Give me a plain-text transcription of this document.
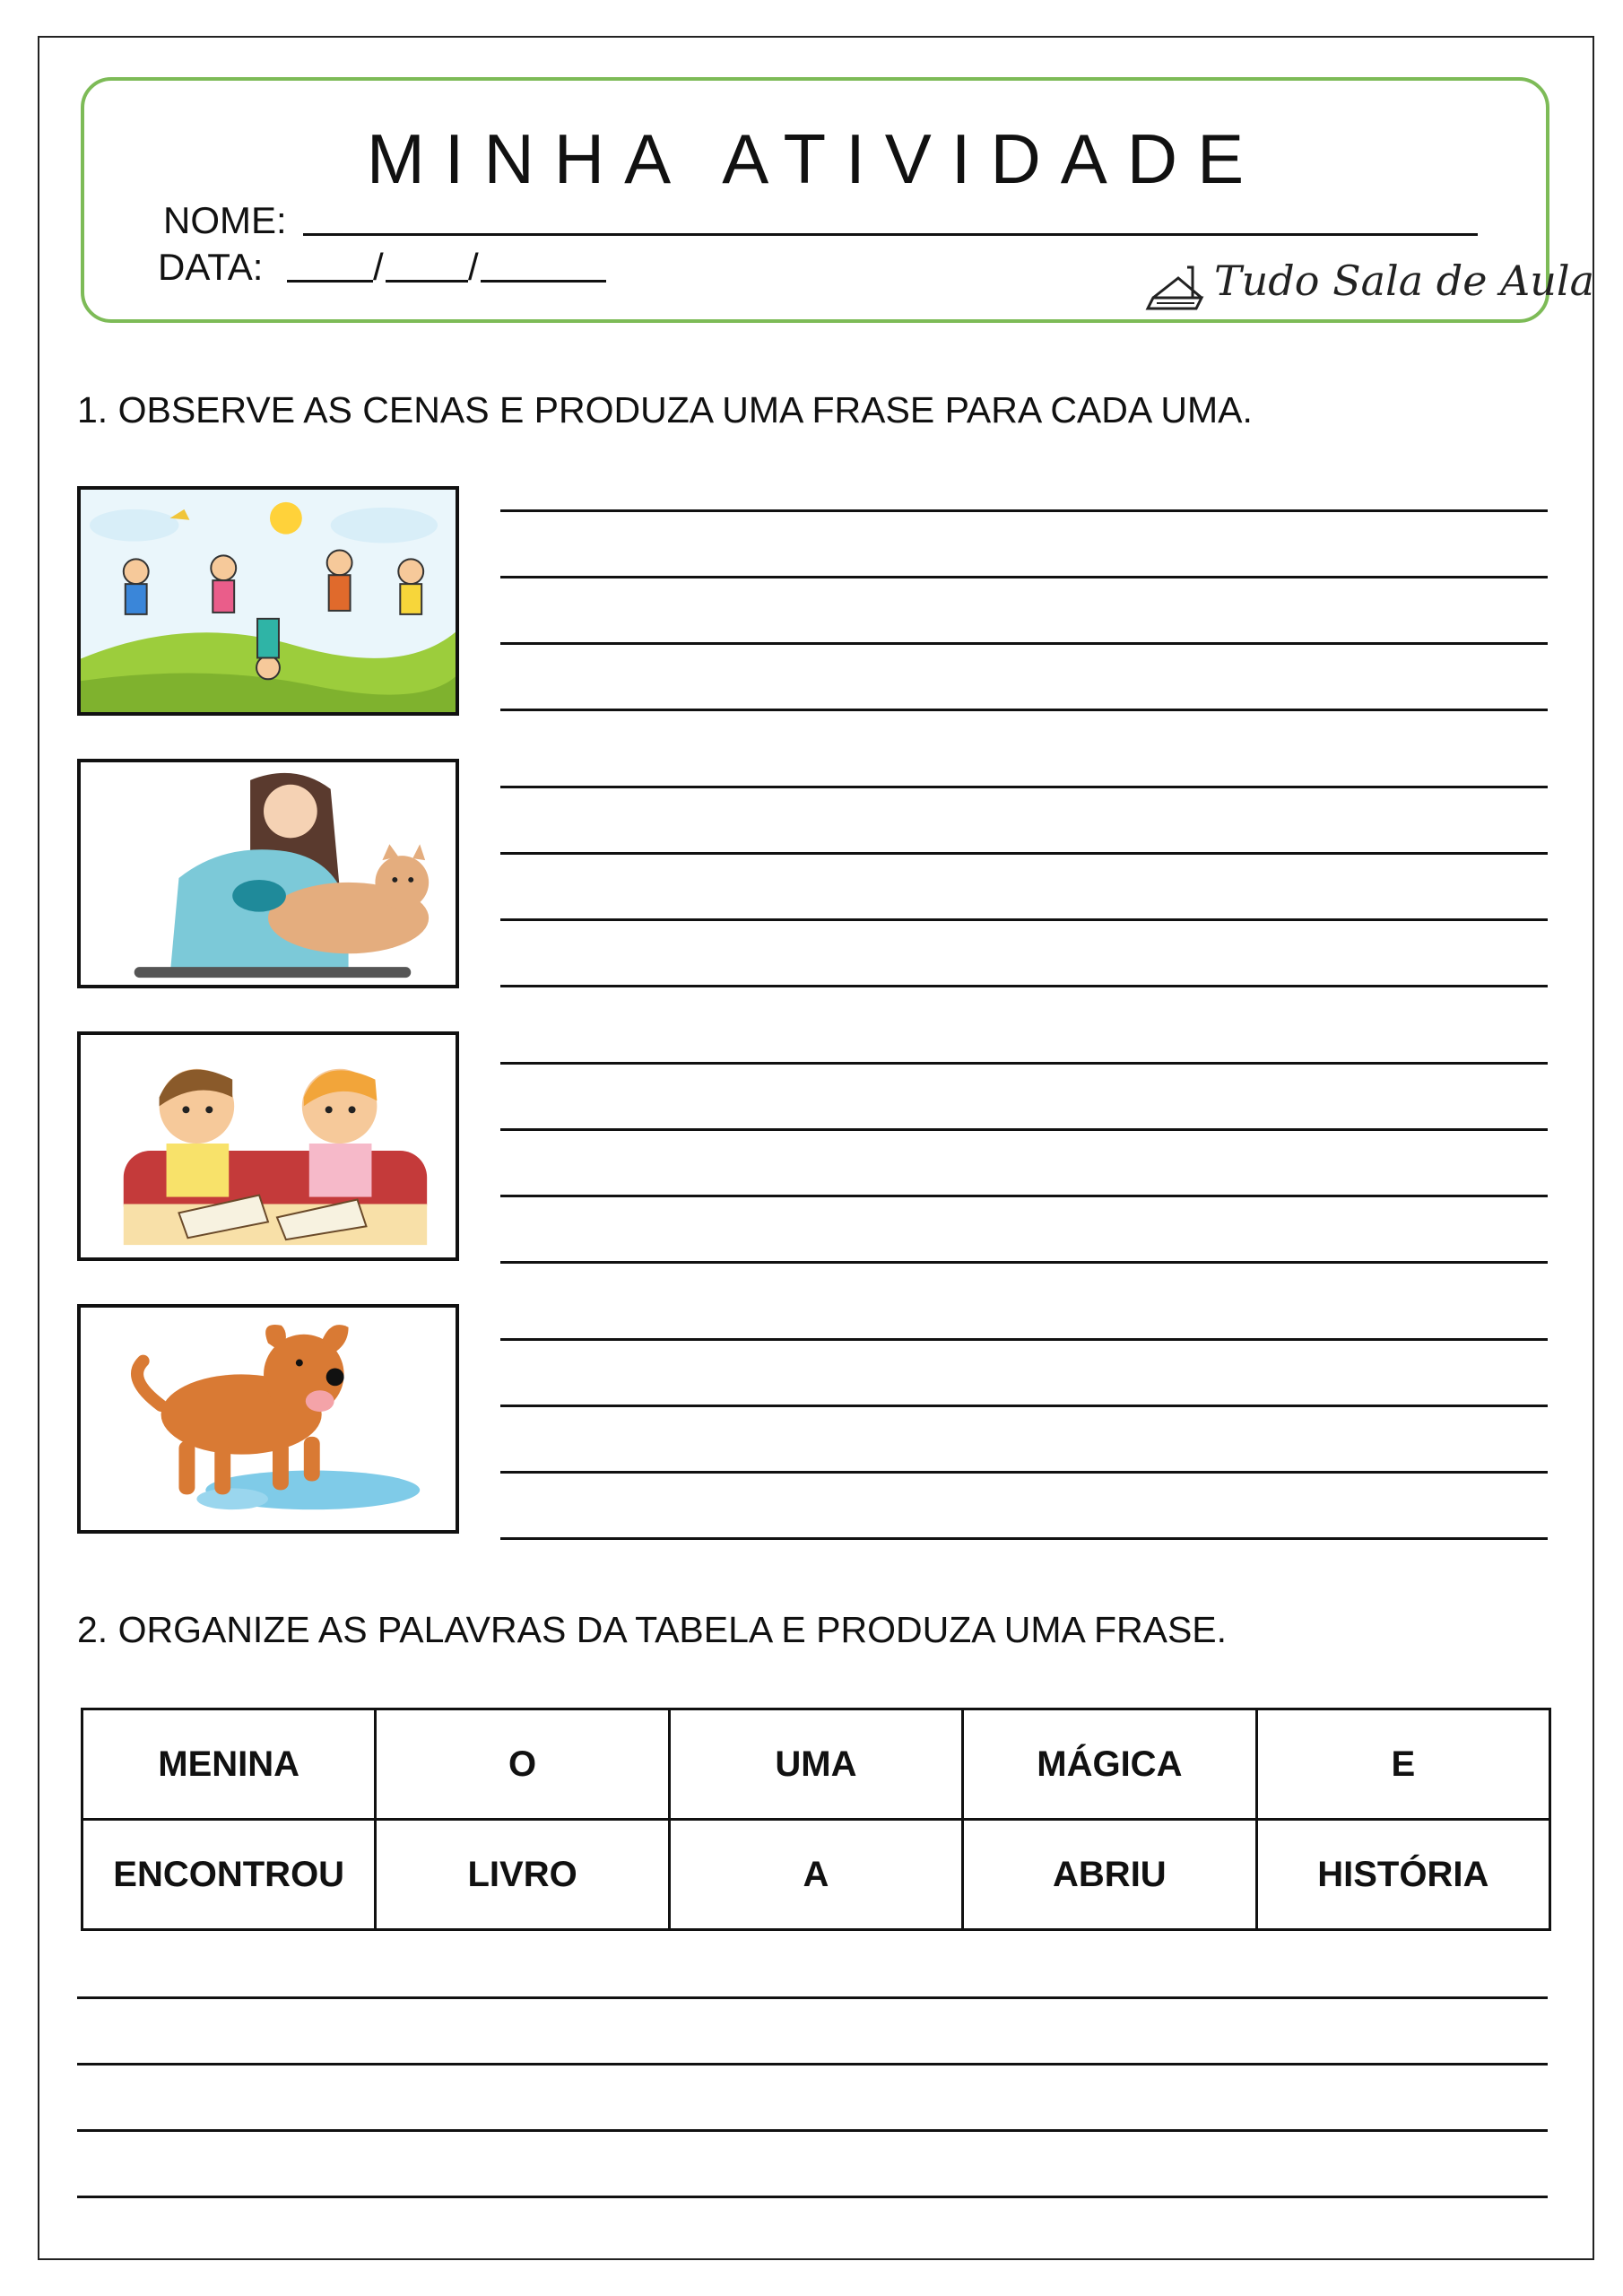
MINHA ATIVIDADE
NOME:
DATA:	/ /	Tudo Sala de Aula
1. OBSERVE AS CENAS E PRODUZA UMA FRASE PARA CADA UMA.
2. ORGANIZE AS PALAVRAS DA TABELA E PRODUZA UMA FRASE.
MENINA	O	UMA	MÁGICA	E
ENCONTROU	LIVRO	A	ABRIU	HISTÓRIA
